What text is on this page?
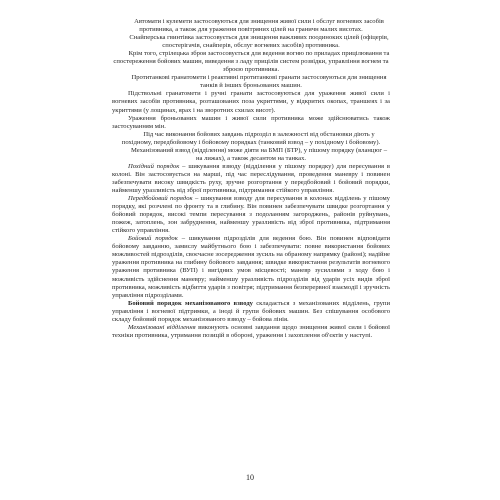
Автомати і кулемети застосовуються для знищення живої сили і обслуг вогневих засобів противника, а також для ураження повітряних цілей на граничн малих висотах.

Снайперська гвинтівка застосовується для знищення важливих поодиноких цілей (офіцерів, спостерігачів, снайперів, обслуг вогневих засобів) противника.

Крім того, стрілецька зброя застосовується для ведення вогню по приладах прицілювання та спостереження бойових машин, виведення з ладу прицілів систем розвідки, управління вогнем та зброєю противника.

Протитанкові гранатомети і реактивні протитанкові гранати застосовуються для знищення танків й інших броньованих машин.

Підствольні гранатомети і ручні гранати застосовуються для ураження живої сили і вогневих засобів противника, розташованих поза укриттями, у відкритих окопах, траншеях і за укриттями (у лощинах, ярах і на зворотних схилах висот).

Ураження броньованих машин і живої сили противника може здійснюватись також застосуванням мін.

Під час виконання бойових завдань підрозділ в залежності від обстановки діють у похідному, передбойовому і бойовому порядках (танковий взвод – у похідному і бойовому).

Механізований взвод (відділення) може діяти на БМП (БТР), у пішому порядку (вланцюг – на лижах), а також десантом на танках.

Похідний порядок – шикування взводу (відділення у пішому порядку) для пересування в колоні. Він застосовується на марші, під час переслідування, проведення маневру і повинен забезпечувати високу швидкість руху, зручнe розгортання у передбойовий і бойовий порядки, найменшу уразливість від зброї противника, підтримання стійкого управління.

Передбойовий порядок – шикування взводу для пересування в колонах відділень у пішому порядку, які розчлені по фронту та в глибину. Він повинен забезпечувати швидке розгортання у бойовий порядок, високі темпи пересування з подоланням загороджень, районів руйнувань, пожеж, затоплень, зон забруднення, найменшу уразливість від зброї противника, підтримання стійкого управління.

Бойовий порядок – шикування підрозділів для ведення бою. Він повинен відповідати бойовому завданню, замислу майбутнього бою і забезпечувати: повне використання бойових можливостей підрозділів, своєчасне зосередження зусиль на обраному напрямку (районі); надійне ураження противника на глибину бойового завдання; швидке використання результатів вогневого ураження противника (ВУП) і вигідних умов місцевості; маневр зусиллями з ходу бою і можливість здійснення маневру; найменшу уразливість підрозділів від ударів усіх видів зброї противника, можливість відбиття ударів з повітря; підтримання безперервної взаємодії і зручність управління підрозділами.

Бойовий порядок механізованого взводу складається з механізованих відділень, групи управління і вогневої підтримки, а іноді й групи бойових машин. Без спішування особового складу бойовий порядок механізованого взводу – бойова лінія.

Механізовані відділення виконують основні завдання щодо знищення живої сили і бойової техніки противника, утримання позицій в обороні, ураження і захоплення об'єктів у наступі.

10
